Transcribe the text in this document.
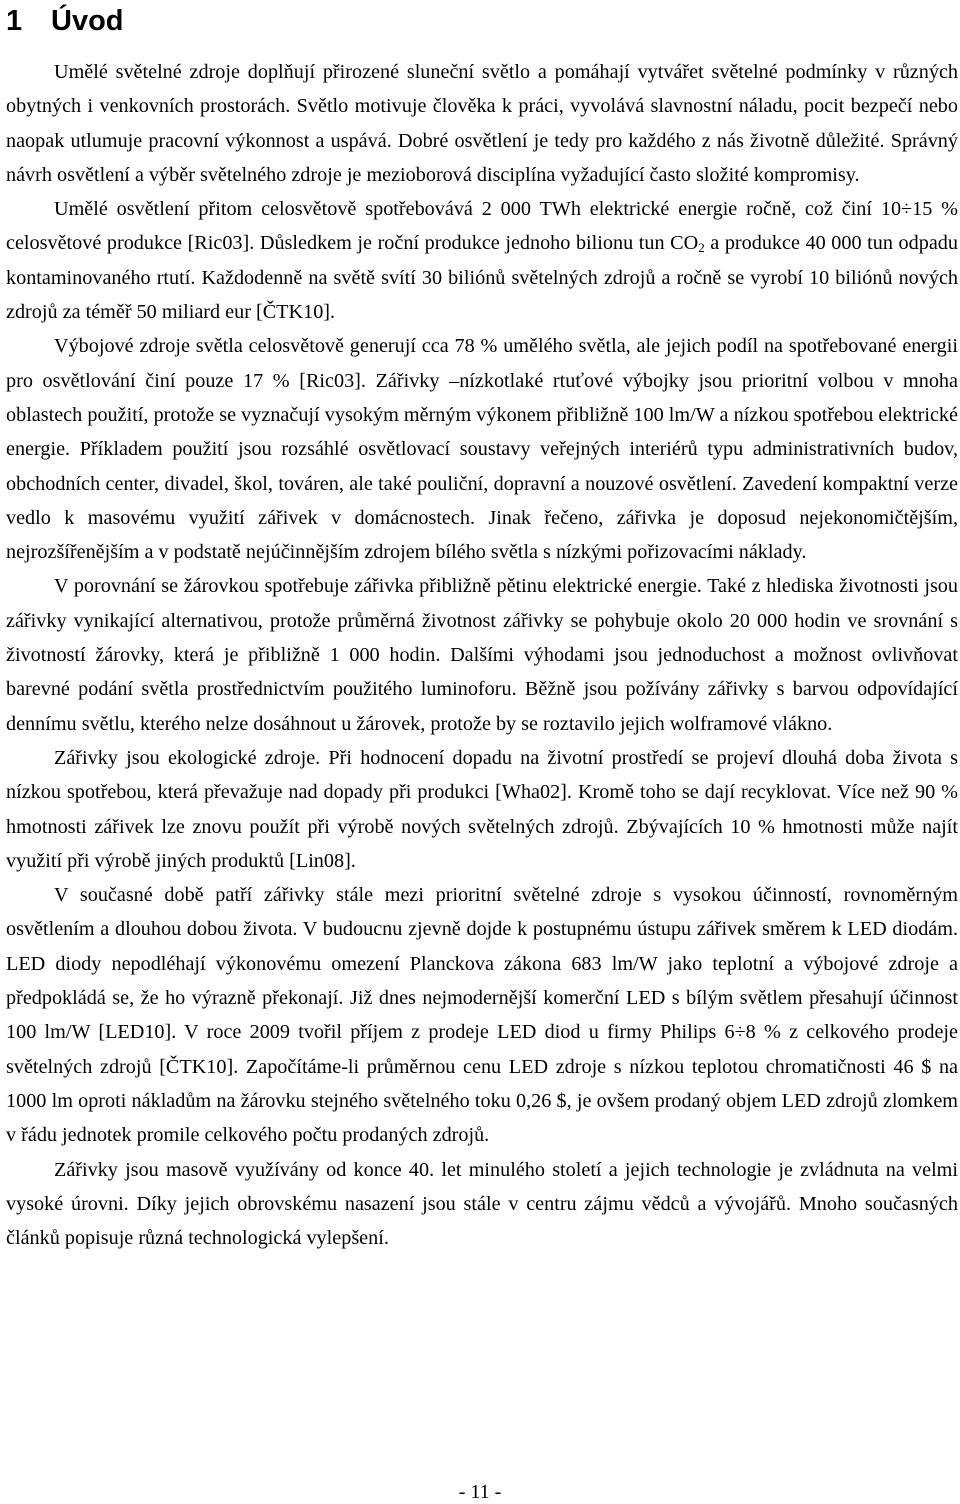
1 Úvod

Umělé světelné zdroje doplňují přirozené sluneční světlo a pomáhají vytvářet světelné podmínky v různých obytných i venkovních prostorách. Světlo motivuje člověka k práci, vyvolává slavnostní náladu, pocit bezpečí nebo naopak utlumuje pracovní výkonnost a uspává. Dobré osvětlení je tedy pro každého z nás životně důležité. Správný návrh osvětlení a výběr světelného zdroje je mezioborová disciplína vyžadující často složité kompromisy.

Umělé osvětlení přitom celosvětově spotřebovává 2 000 TWh elektrické energie ročně, což činí 10÷15 % celosvětové produkce [Ric03]. Důsledkem je roční produkce jednoho bilionu tun $CO_2$ a produkce 40 000 tun odpadu kontaminovaného rtutí. Každodenně na světě svítí 30 biliónů světelných zdrojů a ročně se vyrobí 10 biliónů nových zdrojů za téměř 50 miliard eur [ČTK10].

Výbojové zdroje světla celosvětově generují cca 78 % umělého světla, ale jejich podíl na spotřebované energii pro osvětlování činí pouze 17 % [Ric03]. Zářivky –nízkotlaké rtuťové výbojky jsou prioritní volbou v mnoha oblastech použití, protože se vyznačují vysokým měrným výkonem přibližně 100 lm/W a nízkou spotřebou elektrické energie. Příkladem použití jsou rozsáhlé osvětlovací soustavy veřejných interiérů typu administrativních budov, obchodních center, divadel, škol, továren, ale také pouliční, dopravní a nouzové osvětlení. Zavedení kompaktní verze vedlo k masovému využití zářivek v domácnostech. Jinak řečeno, zářivka je doposud nejekonomičtějším, nejrozšířenějším a v podstatě nejúčinnějším zdrojem bílého světla s nízkými pořizovacími náklady.

V porovnání se žárovkou spotřebuje zářivka přibližně pětinu elektrické energie. Také z hlediska životnosti jsou zářivky vynikající alternativou, protože průměrná životnost zářivky se pohybuje okolo 20 000 hodin ve srovnání s životností žárovky, která je přibližně 1 000 hodin. Dalšími výhodami jsou jednoduchost a možnost ovlivňovat barevné podání světla prostřednictvím použitého luminoforu. Běžně jsou požívány zářivky s barvou odpovídající dennímu světlu, kterého nelze dosáhnout u žárovek, protože by se roztavilo jejich wolframové vlákno.

Zářivky jsou ekologické zdroje. Při hodnocení dopadu na životní prostředí se projeví dlouhá doba života s nízkou spotřebou, která převažuje nad dopady při produkci [Wha02]. Kromě toho se dají recyklovat. Více než 90 % hmotnosti zářivek lze znovu použít při výrobě nových světelných zdrojů. Zbývajících 10 % hmotnosti může najít využití při výrobě jiných produktů [Lin08].

V současné době patří zářivky stále mezi prioritní světelné zdroje s vysokou účinností, rovnoměrným osvětlením a dlouhou dobou života. V budoucnu zjevně dojde k postupnému ústupu zářivek směrem k LED diodám. LED diody nepodléhají výkonovému omezení Planckova zákona 683 lm/W jako teplotní a výbojové zdroje a předpokládá se, že ho výrazně překonají. Již dnes nejmodernější komerční LED s bílým světlem přesahují účinnost 100 lm/W [LED10]. V roce 2009 tvořil příjem z prodeje LED diod u firmy Philips 6÷8 % z celkového prodeje světelných zdrojů [ČTK10]. Započítáme-li průměrnou cenu LED zdroje s nízkou teplotou chromatičnosti 46 $ na 1000 lm oproti nákladům na žárovku stejného světelného toku 0,26 $, je ovšem prodaný objem LED zdrojů zlomkem v řádu jednotek promile celkového počtu prodaných zdrojů.

Zářivky jsou masově využívány od konce 40. let minulého století a jejich technologie je zvládnuta na velmi vysoké úrovni. Díky jejich obrovskému nasazení jsou stále v centru zájmu vědců a vývojářů. Mnoho současných článků popisuje různá technologická vylepšení.

- 11 -
